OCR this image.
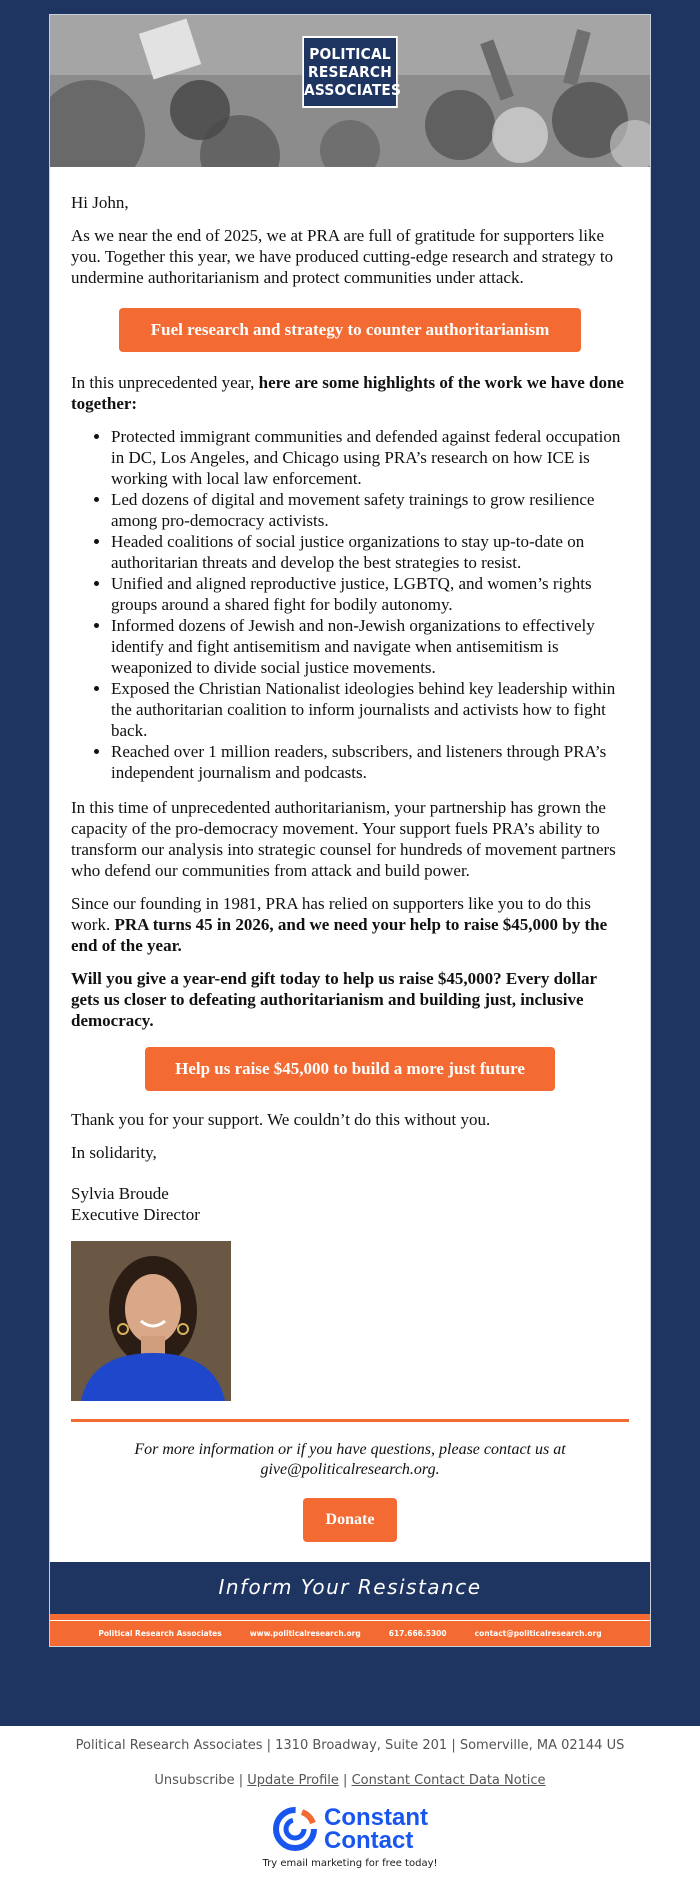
POLITICAL
RESEARCH
ASSOCIATES

Hi John,

As we near the end of 2025, we at PRA are full of gratitude for supporters like you. Together this year, we have produced cutting-edge research and strategy to undermine authoritarianism and protect communities under attack.

Fuel research and strategy to counter authoritarianism

In this unprecedented year, here are some highlights of the work we have done together:

• Protected immigrant communities and defended against federal occupation in DC, Los Angeles, and Chicago using PRA’s research on how ICE is working with local law enforcement.
• Led dozens of digital and movement safety trainings to grow resilience among pro-democracy activists.
• Headed coalitions of social justice organizations to stay up-to-date on authoritarian threats and develop the best strategies to resist.
• Unified and aligned reproductive justice, LGBTQ, and women’s rights groups around a shared fight for bodily autonomy.
• Informed dozens of Jewish and non-Jewish organizations to effectively identify and fight antisemitism and navigate when antisemitism is weaponized to divide social justice movements.
• Exposed the Christian Nationalist ideologies behind key leadership within the authoritarian coalition to inform journalists and activists how to fight back.
• Reached over 1 million readers, subscribers, and listeners through PRA’s independent journalism and podcasts.

In this time of unprecedented authoritarianism, your partnership has grown the capacity of the pro-democracy movement. Your support fuels PRA’s ability to transform our analysis into strategic counsel for hundreds of movement partners who defend our communities from attack and build power.

Since our founding in 1981, PRA has relied on supporters like you to do this work. PRA turns 45 in 2026, and we need your help to raise $45,000 by the end of the year.

Will you give a year-end gift today to help us raise $45,000? Every dollar gets us closer to defeating authoritarianism and building just, inclusive democracy.

Help us raise $45,000 to build a more just future

Thank you for your support. We couldn’t do this without you.

In solidarity,

Sylvia Broude

Executive Director

For more information or if you have questions, please contact us at
give@politicalresearch.org.
Donate
Inform Your Resistance
Political Research Associates	www.politicalresearch.org	617.666.5300	contact@politicalresearch.org
Political Research Associates | 1310 Broadway, Suite 201 | Somerville, MA 02144 US
Unsubscribe | Update Profile | Constant Contact Data Notice
Constant
Contact
Try email marketing for free today!
